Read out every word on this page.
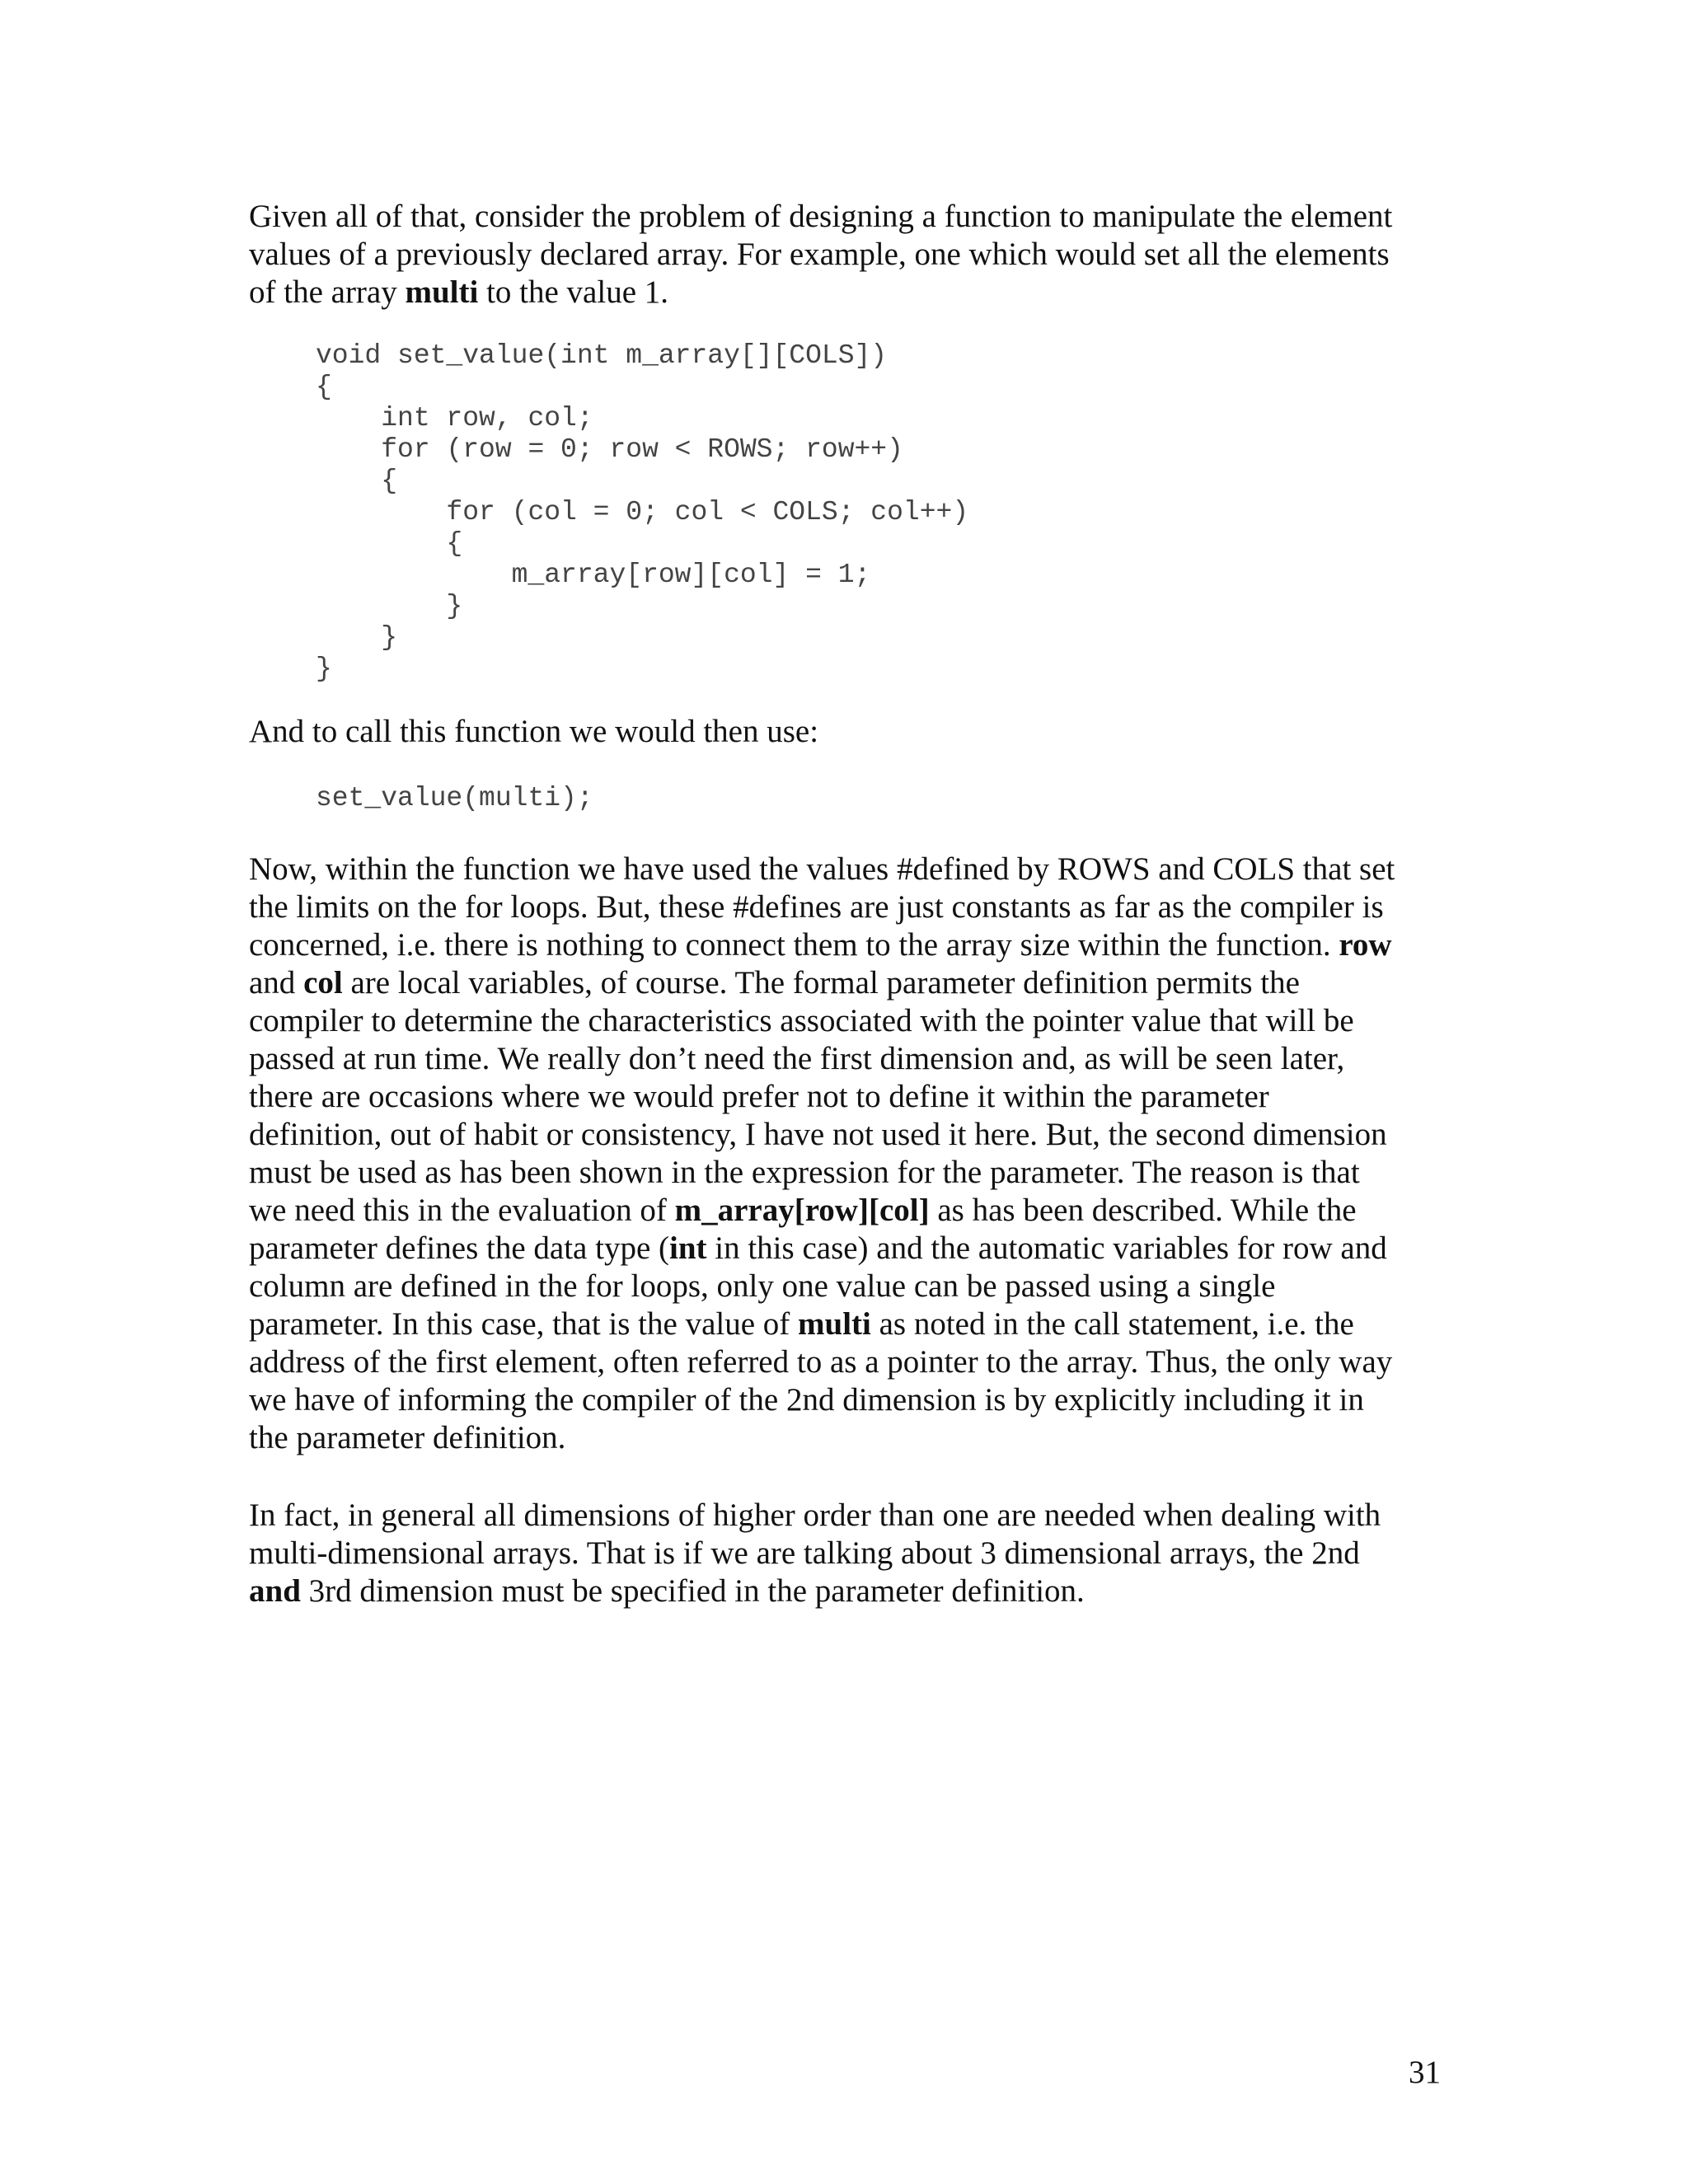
Given all of that, consider the problem of designing a function to manipulate the element
values of a previously declared array. For example, one which would set all the elements
of the array multi to the value 1.

void set_value(int m_array[][COLS])
{
int row, col;
for (row = 0; row < ROWS; row++)
{
for (col = 0; col < COLS; col++)
{
m_array[row][col] = 1;
}
}
}

And to call this function we would then use:

set_value(multi);

Now, within the function we have used the values #defined by ROWS and COLS that set
the limits on the for loops. But, these #defines are just constants as far as the compiler is
concerned, i.e. there is nothing to connect them to the array size within the function. row
and col are local variables, of course. The formal parameter definition permits the
compiler to determine the characteristics associated with the pointer value that will be
passed at run time. We really don’t need the first dimension and, as will be seen later,
there are occasions where we would prefer not to define it within the parameter
definition, out of habit or consistency, I have not used it here. But, the second dimension
must be used as has been shown in the expression for the parameter. The reason is that
we need this in the evaluation of m_array[row][col] as has been described. While the
parameter defines the data type (int in this case) and the automatic variables for row and
column are defined in the for loops, only one value can be passed using a single
parameter. In this case, that is the value of multi as noted in the call statement, i.e. the
address of the first element, often referred to as a pointer to the array. Thus, the only way
we have of informing the compiler of the 2nd dimension is by explicitly including it in
the parameter definition.

In fact, in general all dimensions of higher order than one are needed when dealing with
multi-dimensional arrays. That is if we are talking about 3 dimensional arrays, the 2nd
and 3rd dimension must be specified in the parameter definition.

31
